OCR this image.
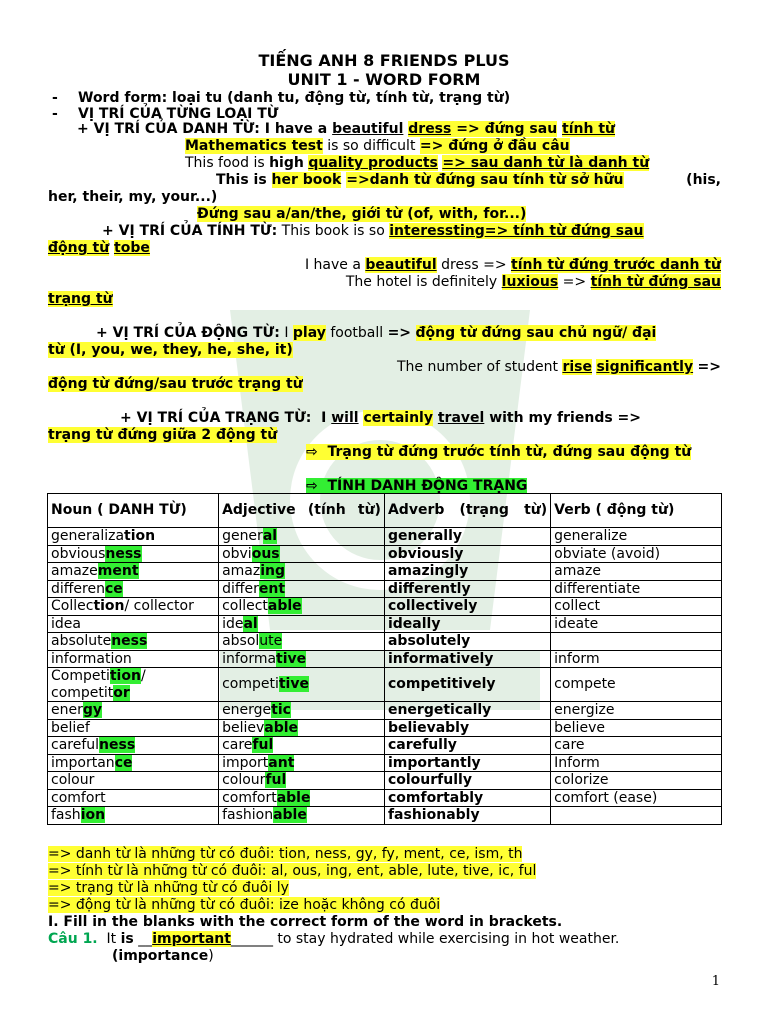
TIẾNG ANH 8 FRIENDS PLUS
UNIT 1 - WORD FORM
- Word form: loại tu (danh tu, động từ, tính từ, trạng từ)
- VỊ TRÍ CỦA TỪNG LOẠI TỪ
+ VỊ TRÍ CỦA DANH TỪ: I have a beautiful dress => đứng sau tính từ
Mathematics test is so difficult => đứng ở đầu câu
This food is high quality products => sau danh từ là danh từ
This is her book =>danh từ đứng sau tính từ sở hữu	(his,
her, their, my, your...)
Đứng sau a/an/the, giới từ (of, with, for...)
+ VỊ TRÍ CỦA TÍNH TỪ: This book is so interessting=> tính từ đứng sau
động từ tobe
I have a beautiful dress => tính từ đứng trước danh từ
The hotel is definitely luxious => tính từ đứng sau
trạng từ
+ VỊ TRÍ CỦA ĐỘNG TỪ: I play football => động từ đứng sau chủ ngữ/ đại
từ (I, you, we, they, he, she, it)
The number of student rise significantly =>
động từ đứng/sau trước trạng từ
+ VỊ TRÍ CỦA TRẠNG TỪ: I will certainly travel with my friends =>
trạng từ đứng giữa 2 động từ
⇨ Trạng từ đứng trước tính từ, đứng sau động từ
⇨ TÍNH DANH ĐỘNG TRẠNG
Noun ( DANH TỪ)	Adjective (tính từ)	Adverb (trạng từ)	Verb ( động từ)
generalization	general	generally	generalize
obviousness	obvious	obviously	obviate (avoid)
amazement	amazing	amazingly	amaze
difference	different	differently	differentiate
Collection/ collector	collectable	collectively	collect
idea	ideal	ideally	ideate
absoluteness	absolute	absolutely	
information	informative	informatively	inform
Competition/ competitor	competitive	competitively	compete
energy	energetic	energetically	energize
belief	believable	believably	believe
carefulness	careful	carefully	care
importance	important	importantly	Inform
colour	colourful	colourfully	colorize
comfort	comfortable	comfortably	comfort (ease)
fashion	fashionable	fashionably	
=> danh từ là những từ có đuôi: tion, ness, gy, fy, ment, ce, ism, th
=> tính từ là những từ có đuôi: al, ous, ing, ent, able, lute, tive, ic, ful
=> trạng từ là những từ có đuôi ly
=> động từ là những từ có đuôi: ize hoặc không có đuôi
I. Fill in the blanks with the correct form of the word in brackets.
Câu 1. It is __important______ to stay hydrated while exercising in hot weather.
(importance)
1
